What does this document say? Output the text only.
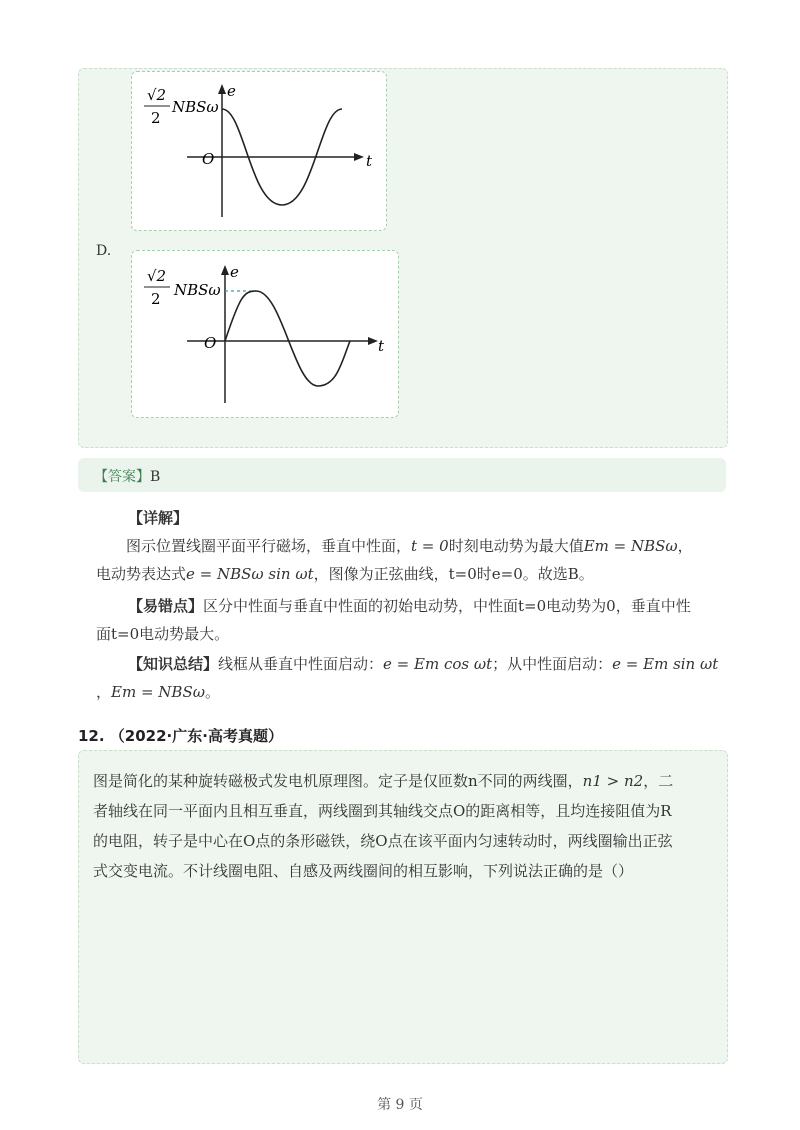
√2
2
NBSω
e
O	t
D.
√2
2 NBSω
e
O	t
【答案】B
【详解】
图示位置线圈平面平行磁场，垂直中性面，t = 0时刻电动势为最大值Em = NBSω，
电动势表达式e = NBSω sin ωt，图像为正弦曲线，t=0时e=0。故选B。
【易错点】区分中性面与垂直中性面的初始电动势，中性面t=0电动势为0，垂直中性
面t=0电动势最大。
【知识总结】线框从垂直中性面启动：e = Em cos ωt；从中性面启动：e = Em sin ωt
，Em = NBSω。
12. （2022·广东·高考真题）
图是简化的某种旋转磁极式发电机原理图。定子是仅匝数n不同的两线圈，n1 > n2，二
者轴线在同一平面内且相互垂直，两线圈到其轴线交点O的距离相等，且均连接阻值为R
的电阻，转子是中心在O点的条形磁铁，绕O点在该平面内匀速转动时，两线圈输出正弦
式交变电流。不计线圈电阻、自感及两线圈间的相互影响，下列说法正确的是（）
第 9 页
